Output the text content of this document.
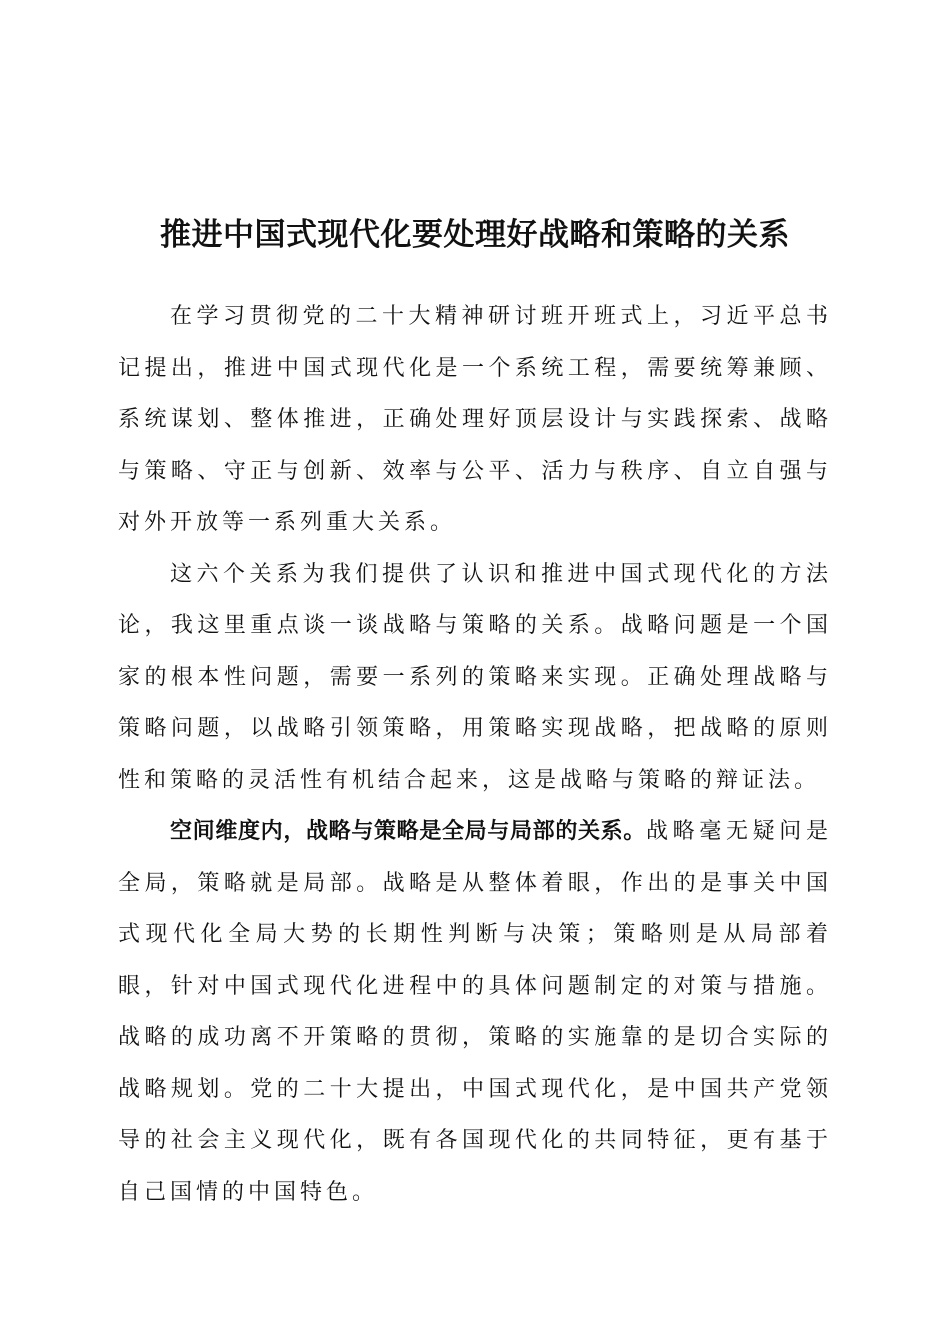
推进中国式现代化要处理好战略和策略的关系

在学习贯彻党的二十大精神研讨班开班式上，习近平总书记提出，推进中国式现代化是一个系统工程，需要统筹兼顾、系统谋划、整体推进，正确处理好顶层设计与实践探索、战略与策略、守正与创新、效率与公平、活力与秩序、自立自强与对外开放等一系列重大关系。

这六个关系为我们提供了认识和推进中国式现代化的方法论，我这里重点谈一谈战略与策略的关系。战略问题是一个国家的根本性问题，需要一系列的策略来实现。正确处理战略与策略问题，以战略引领策略，用策略实现战略，把战略的原则性和策略的灵活性有机结合起来，这是战略与策略的辩证法。

空间维度内，战略与策略是全局与局部的关系。战略毫无疑问是全局，策略就是局部。战略是从整体着眼，作出的是事关中国式现代化全局大势的长期性判断与决策；策略则是从局部着眼，针对中国式现代化进程中的具体问题制定的对策与措施。战略的成功离不开策略的贯彻，策略的实施靠的是切合实际的战略规划。党的二十大提出，中国式现代化，是中国共产党领导的社会主义现代化，既有各国现代化的共同特征，更有基于自己国情的中国特色。
